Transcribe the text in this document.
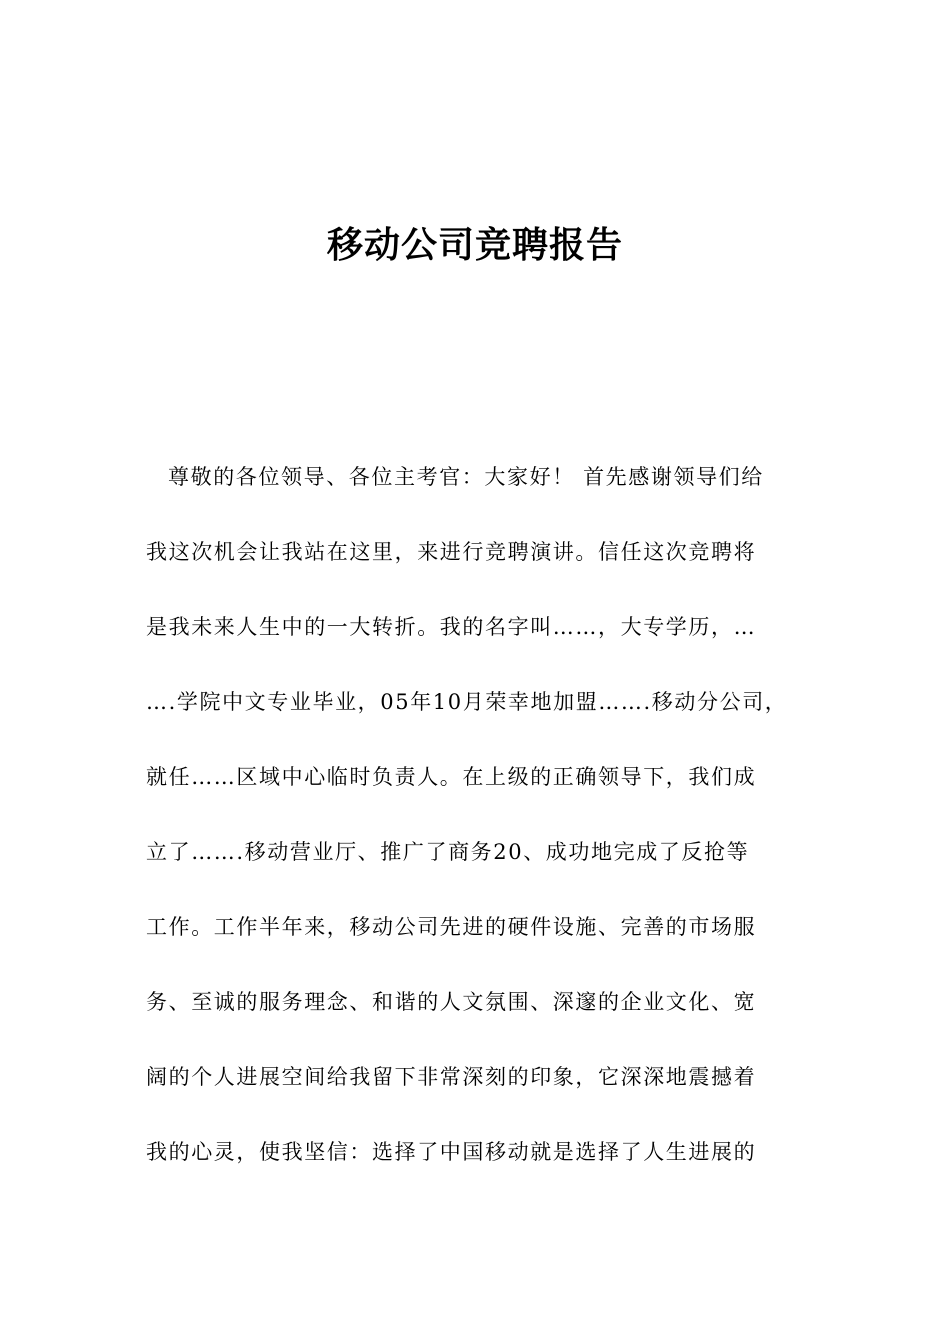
移动公司竞聘报告
尊敬的各位领导、各位主考官：大家好！ 首先感谢领导们给
我这次机会让我站在这里，来进行竞聘演讲。信任这次竞聘将
是我未来人生中的一大转折。我的名字叫……，大专学历，…
….学院中文专业毕业，05年10月荣幸地加盟…….移动分公司，
就任……区域中心临时负责人。在上级的正确领导下，我们成
立了…….移动营业厅、推广了商务20、成功地完成了反抢等
工作。工作半年来，移动公司先进的硬件设施、完善的市场服
务、至诚的服务理念、和谐的人文氛围、深邃的企业文化、宽
阔的个人进展空间给我留下非常深刻的印象，它深深地震撼着
我的心灵，使我坚信：选择了中国移动就是选择了人生进展的
